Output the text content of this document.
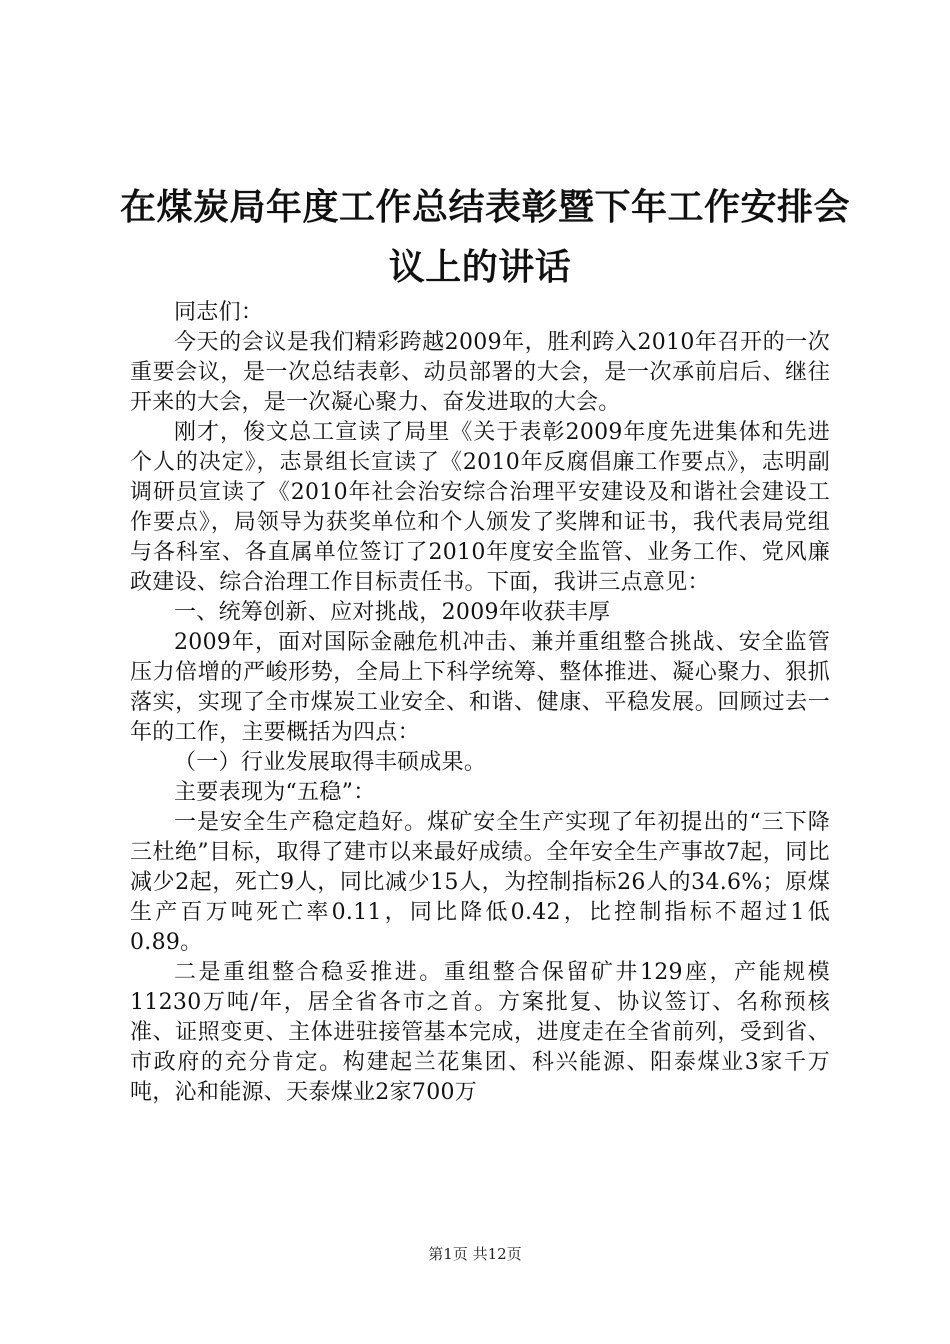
在煤炭局年度工作总结表彰暨下年工作安排会
议上的讲话

同志们：

今天的会议是我们精彩跨越2009年，胜利跨入2010年召开的一次重要会议，是一次总结表彰、动员部署的大会，是一次承前启后、继往开来的大会，是一次凝心聚力、奋发进取的大会。

刚才，俊文总工宣读了局里《关于表彰2009年度先进集体和先进个人的决定》，志景组长宣读了《2010年反腐倡廉工作要点》，志明副调研员宣读了《2010年社会治安综合治理平安建设及和谐社会建设工作要点》，局领导为获奖单位和个人颁发了奖牌和证书，我代表局党组与各科室、各直属单位签订了2010年度安全监管、业务工作、党风廉政建设、综合治理工作目标责任书。下面，我讲三点意见：

一、统筹创新、应对挑战，2009年收获丰厚

2009年，面对国际金融危机冲击、兼并重组整合挑战、安全监管压力倍增的严峻形势，全局上下科学统筹、整体推进、凝心聚力、狠抓落实，实现了全市煤炭工业安全、和谐、健康、平稳发展。回顾过去一年的工作，主要概括为四点：

（一）行业发展取得丰硕成果。

主要表现为“五稳”：

一是安全生产稳定趋好。煤矿安全生产实现了年初提出的“三下降三杜绝”目标，取得了建市以来最好成绩。全年安全生产事故7起，同比减少2起，死亡9人，同比减少15人，为控制指标26人的34.6%；原煤生产百万吨死亡率0.11，同比降低0.42，比控制指标不超过1低0.89。

二是重组整合稳妥推进。重组整合保留矿井129座，产能规模11230万吨/年，居全省各市之首。方案批复、协议签订、名称预核准、证照变更、主体进驻接管基本完成，进度走在全省前列，受到省、市政府的充分肯定。构建起兰花集团、科兴能源、阳泰煤业3家千万吨，沁和能源、天泰煤业2家700万

第1页 共12页
